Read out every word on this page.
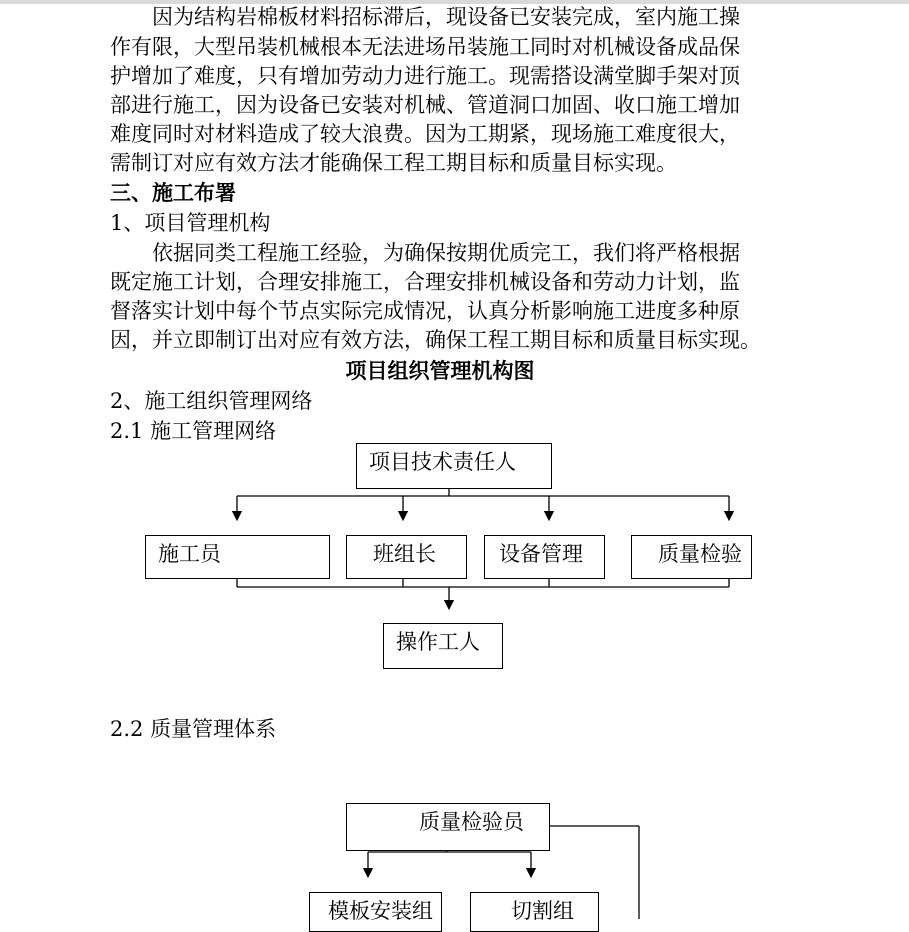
　　因为结构岩棉板材料招标滞后，现设备已安装完成，室内施工操

作有限，大型吊装机械根本无法进场吊装施工同时对机械设备成品保

护增加了难度，只有增加劳动力进行施工。现需搭设满堂脚手架对顶

部进行施工，因为设备已安装对机械、管道洞口加固、收口施工增加

难度同时对材料造成了较大浪费。因为工期紧，现场施工难度很大，

需制订对应有效方法才能确保工程工期目标和质量目标实现。

三、施工布署

1、项目管理机构

　　依据同类工程施工经验，为确保按期优质完工，我们将严格根据

既定施工计划，合理安排施工，合理安排机械设备和劳动力计划，监

督落实计划中每个节点实际完成情况，认真分析影响施工进度多种原

因，并立即制订出对应有效方法，确保工程工期目标和质量目标实现。

项目组织管理机构图

2、施工组织管理网络

2.1 施工管理网络

项目技术责任人
施工员	班组长	设备管理	质量检验
操作工人

2.2 质量管理体系

质量检验员
模板安装组	切割组
